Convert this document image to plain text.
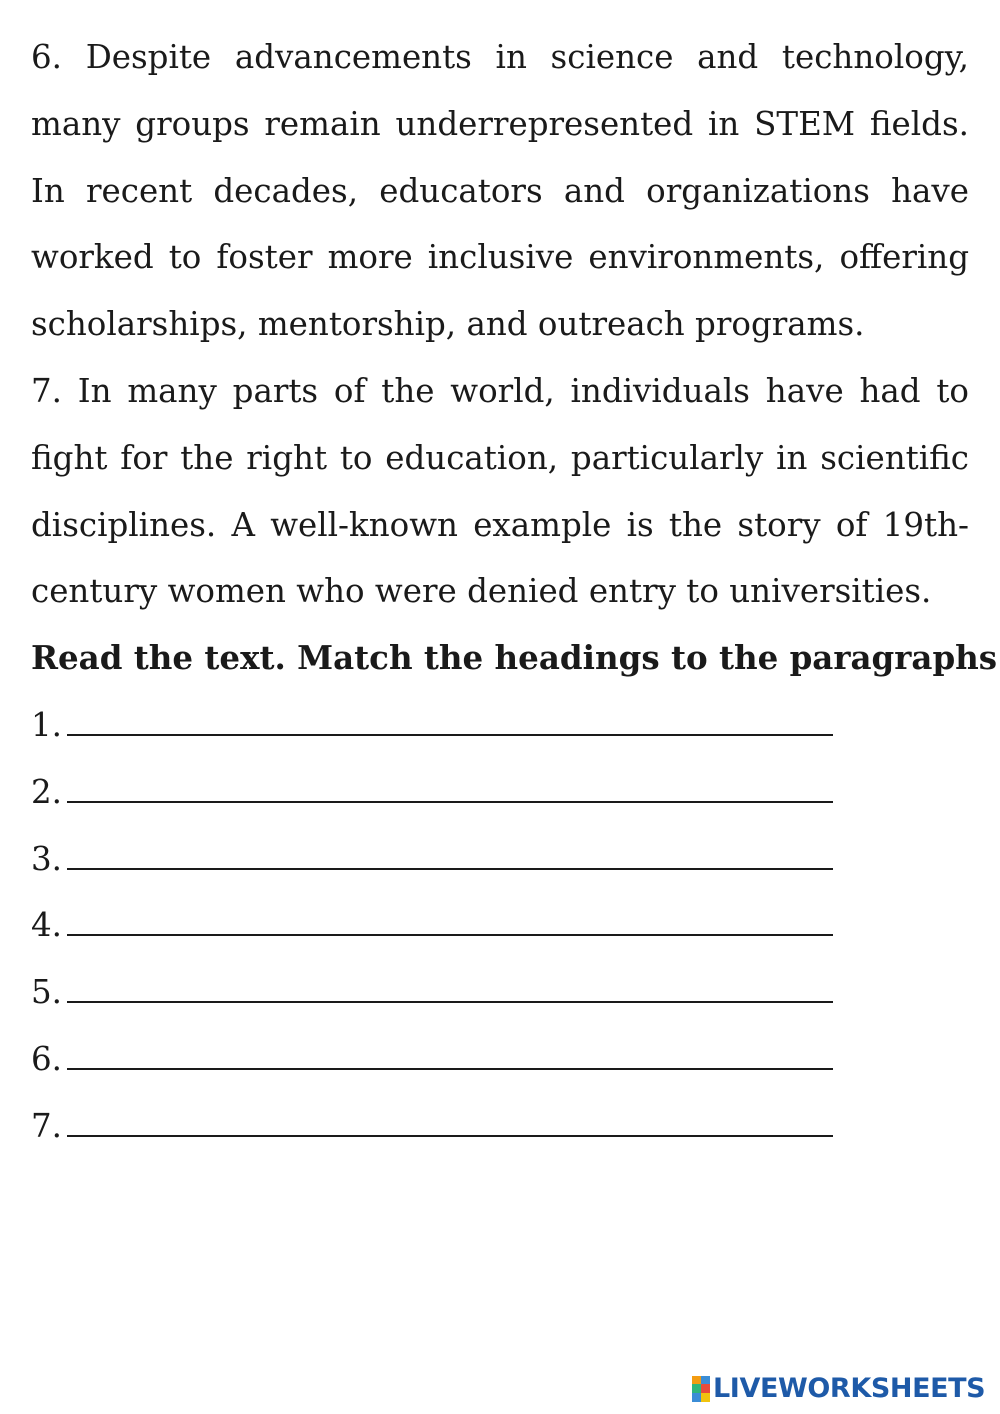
6. Despite advancements in science and technology, many groups remain underrepresented in STEM fields. In recent decades, educators and organizations have worked to foster more inclusive environments, offering scholarships, mentorship, and outreach programs.

7. In many parts of the world, individuals have had to fight for the right to education, particularly in scientific disciplines. A well-known example is the story of 19th-century women who were denied entry to universities.

Read the text. Match the headings to the paragraphs

1.
2.
3.
4.
5.
6.
7.
LIVEWORKSHEETS
